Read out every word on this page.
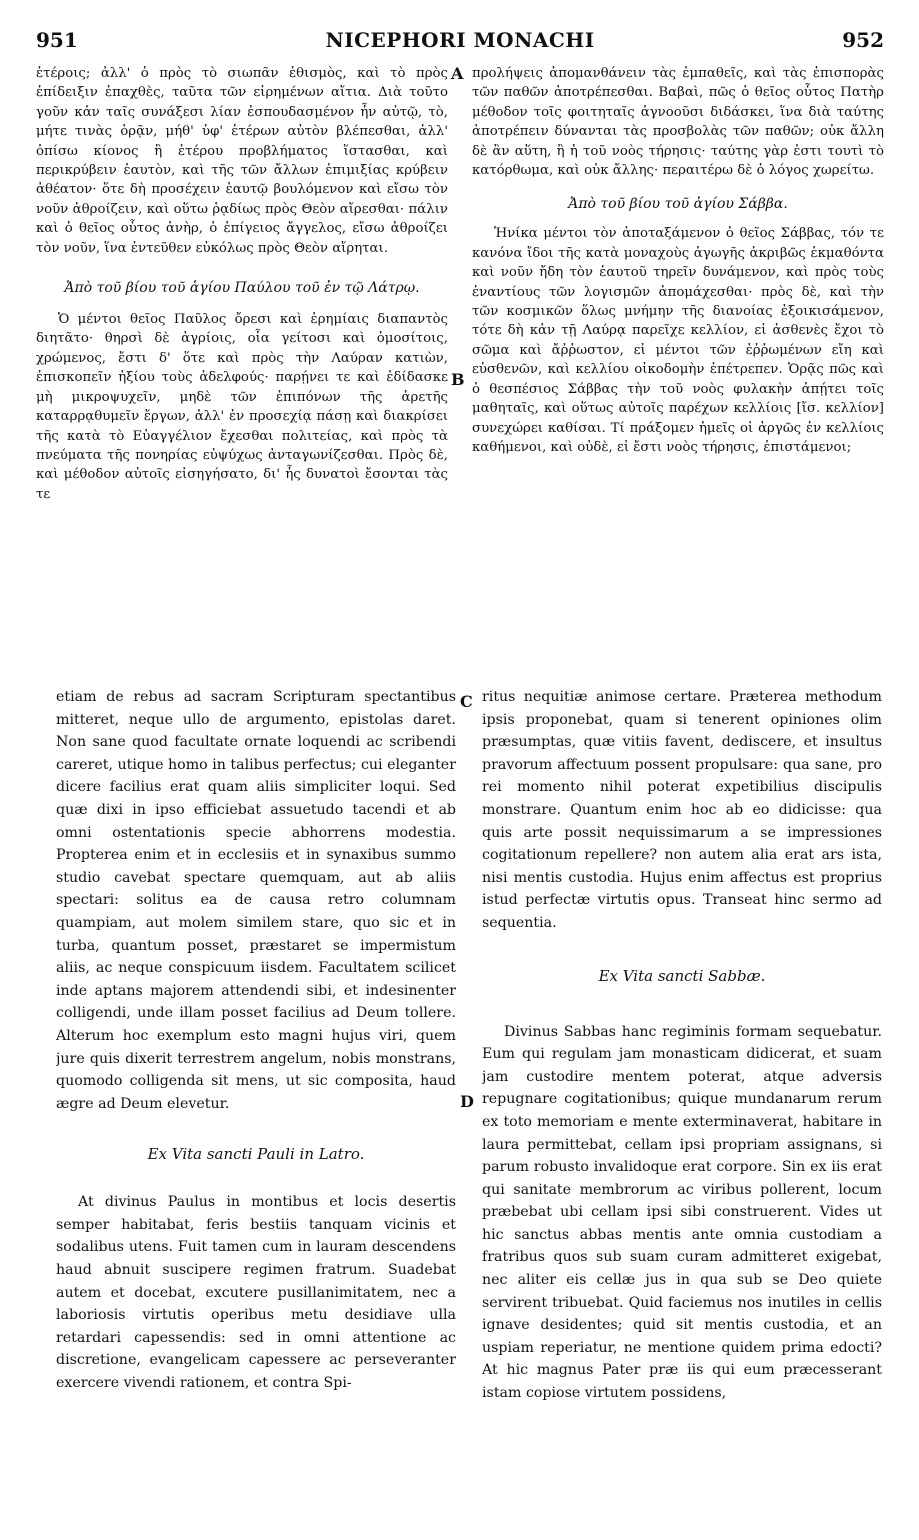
951	NICEPHORI MONACHI	952

ἑτέροις; ἀλλ' ὁ πρὸς τὸ σιωπᾶν ἐθισμὸς, καὶ τὸ πρὸς ἐπίδειξιν ἐπαχθὲς, ταῦτα τῶν εἰρημένων αἴτια. Διὰ τοῦτο γοῦν κἀν ταῖς συνάξεσι λίαν ἐσπουδασμένον ἦν αὐτῷ, τὸ, μήτε τινὰς ὁρᾷν, μήθ' ὑφ' ἑτέρων αὐτὸν βλέπεσθαι, ἀλλ' ὀπίσω κίονος ἢ ἑτέρου προβλήματος ἵστασθαι, καὶ περικρύβειν ἑαυτὸν, καὶ τῆς τῶν ἄλλων ἐπιμιξίας κρύβειν ἀθέατον· ὅτε δὴ προσέχειν ἑαυτῷ βουλόμενον καὶ εἴσω τὸν νοῦν ἀθροίζειν, καὶ οὕτω ῥᾳδίως πρὸς Θεὸν αἴρεσθαι· πάλιν καὶ ὁ θεῖος οὗτος ἀνὴρ, ὁ ἐπίγειος ἄγγελος, εἴσω ἀθροίζει τὸν νοῦν, ἵνα ἐντεῦθεν εὐκόλως πρὸς Θεὸν αἴρηται.

Ἀπὸ τοῦ βίου τοῦ ἁγίου Παύλου τοῦ ἐν τῷ Λάτρῳ.

Ὁ μέντοι θεῖος Παῦλος ὄρεσι καὶ ἐρημίαις διαπαντὸς διητᾶτο· θηρσὶ δὲ ἀγρίοις, οἷα γείτοσι καὶ ὁμοσίτοις, χρώμενος, ἔστι δ' ὅτε καὶ πρὸς τὴν Λαύραν κατιὼν, ἐπισκοπεῖν ἠξίου τοὺς ἀδελφούς· παρῄνει τε καὶ ἐδίδασκε μὴ μικροψυχεῖν, μηδὲ τῶν ἐπιπόνων τῆς ἀρετῆς καταρρᾳθυμεῖν ἔργων, ἀλλ' ἐν προσεχίᾳ πάσῃ καὶ διακρίσει τῆς κατὰ τὸ Εὐαγγέλιον ἔχεσθαι πολιτείας, καὶ πρὸς τὰ πνεύματα τῆς πονηρίας εὐψύχως ἀνταγωνίζεσθαι. Πρὸς δὲ, καὶ μέθοδον αὐτοῖς εἰσηγήσατο, δι' ἧς δυνατοὶ ἔσονται τὰς τε

προλήψεις ἀπομανθάνειν τὰς ἐμπαθεῖς, καὶ τὰς ἐπισπορὰς τῶν παθῶν ἀποτρέπεσθαι. Βαβαὶ, πῶς ὁ θεῖος οὗτος Πατὴρ μέθοδον τοῖς φοιτηταῖς ἀγνοοῦσι διδάσκει, ἵνα διὰ ταύτης ἀποτρέπειν δύνανται τὰς προσβολὰς τῶν παθῶν; οὐκ ἄλλη δὲ ἂν αὕτη, ἢ ἡ τοῦ νοὸς τήρησις· ταύτης γὰρ ἐστι τουτὶ τὸ κατόρθωμα, καὶ οὐκ ἄλλης· περαιτέρω δὲ ὁ λόγος χωρείτω.

Ἀπὸ τοῦ βίου τοῦ ἁγίου Σάββα.

Ἡνίκα μέντοι τὸν ἀποταξάμενον ὁ θεῖος Σάββας, τόν τε κανόνα ἴδοι τῆς κατὰ μοναχοὺς ἀγωγῆς ἀκριβῶς ἐκμαθόντα καὶ νοῦν ἤδη τὸν ἑαυτοῦ τηρεῖν δυνάμενον, καὶ πρὸς τοὺς ἐναντίους τῶν λογισμῶν ἀπομάχεσθαι· πρὸς δὲ, καὶ τὴν τῶν κοσμικῶν ὅλως μνήμην τῆς διανοίας ἐξοικισάμενον, τότε δὴ κἀν τῇ Λαύρᾳ παρεῖχε κελλίον, εἰ ἀσθενὲς ἔχοι τὸ σῶμα καὶ ἄῤῥωστον, εἰ μέντοι τῶν ἐῤῥωμένων εἴη καὶ εὐσθενῶν, καὶ κελλίου οἰκοδομὴν ἐπέτρεπεν. Ὁρᾷς πῶς καὶ ὁ θεσπέσιος Σάββας τὴν τοῦ νοὸς φυλακὴν ἀπῄτει τοῖς μαθηταῖς, καὶ οὕτως αὐτοῖς παρέχων κελλίοις [ἴσ. κελλίον] συνεχώρει καθίσαι. Τί πράξομεν ἡμεῖς οἱ ἀργῶς ἐν κελλίοις καθήμενοι, καὶ οὐδὲ, εἰ ἔστι νοὸς τήρησις, ἐπιστάμενοι;

etiam de rebus ad sacram Scripturam spectantibus mitteret, neque ullo de argumento, epistolas daret. Non sane quod facultate ornate loquendi ac scribendi careret, utique homo in talibus perfectus; cui eleganter dicere facilius erat quam aliis simpliciter loqui. Sed quæ dixi in ipso efficiebat assuetudo tacendi et ab omni ostentationis specie abhorrens modestia. Propterea enim et in ecclesiis et in synaxibus summo studio cavebat spectare quemquam, aut ab aliis spectari: solitus ea de causa retro columnam quampiam, aut molem similem stare, quo sic et in turba, quantum posset, præstaret se impermistum aliis, ac neque conspicuum iisdem. Facultatem scilicet inde aptans majorem attendendi sibi, et indesinenter colligendi, unde illam posset facilius ad Deum tollere. Alterum hoc exemplum esto magni hujus viri, quem jure quis dixerit terrestrem angelum, nobis monstrans, quomodo colligenda sit mens, ut sic composita, haud ægre ad Deum elevetur.

Ex Vita sancti Pauli in Latro.

At divinus Paulus in montibus et locis desertis semper habitabat, feris bestiis tanquam vicinis et sodalibus utens. Fuit tamen cum in lauram descendens haud abnuit suscipere regimen fratrum. Suadebat autem et docebat, excutere pusillanimitatem, nec a laboriosis virtutis operibus metu desidiave ulla retardari capessendis: sed in omni attentione ac discretione, evangelicam capessere ac perseveranter exercere vivendi rationem, et contra Spi-

ritus nequitiæ animose certare. Præterea methodum ipsis proponebat, quam si tenerent opiniones olim præsumptas, quæ vitiis favent, dediscere, et insultus pravorum affectuum possent propulsare: qua sane, pro rei momento nihil poterat expetibilius discipulis monstrare. Quantum enim hoc ab eo didicisse: qua quis arte possit nequissimarum a se impressiones cogitationum repellere? non autem alia erat ars ista, nisi mentis custodia. Hujus enim affectus est proprius istud perfectæ virtutis opus. Transeat hinc sermo ad sequentia.

Ex Vita sancti Sabbæ.

Divinus Sabbas hanc regiminis formam sequebatur. Eum qui regulam jam monasticam didicerat, et suam jam custodire mentem poterat, atque adversis repugnare cogitationibus; quique mundanarum rerum ex toto memoriam e mente exterminaverat, habitare in laura permittebat, cellam ipsi propriam assignans, si parum robusto invalidoque erat corpore. Sin ex iis erat qui sanitate membrorum ac viribus pollerent, locum præbebat ubi cellam ipsi sibi construerent. Vides ut hic sanctus abbas mentis ante omnia custodiam a fratribus quos sub suam curam admitteret exigebat, nec aliter eis cellæ jus in qua sub se Deo quiete servirent tribuebat. Quid faciemus nos inutiles in cellis ignave desidentes; quid sit mentis custodia, et an uspiam reperiatur, ne mentione quidem prima edocti? At hic magnus Pater præ iis qui eum præcesserant istam copiose virtutem possidens,

A
B
C
D
